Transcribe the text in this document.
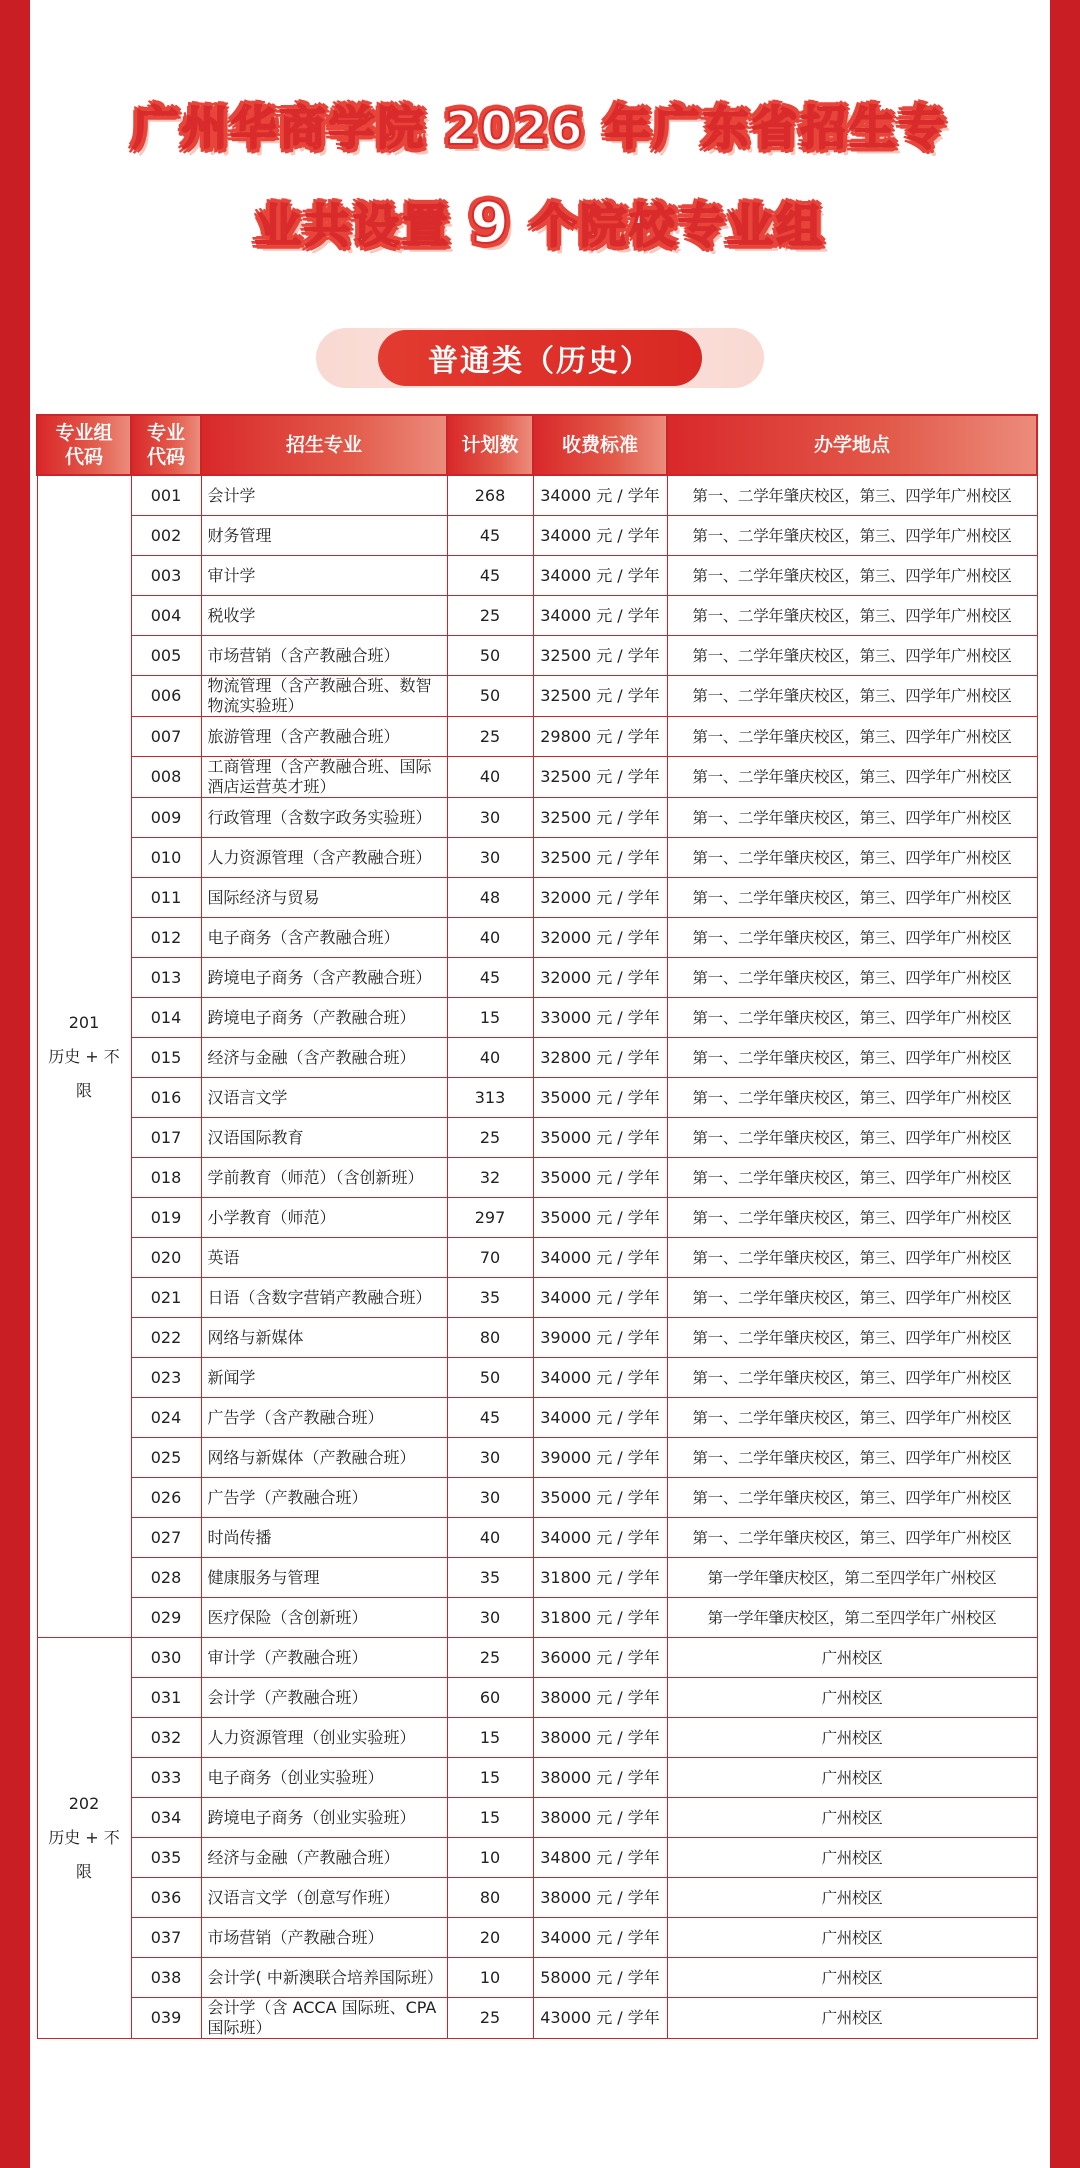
广州华商学院 2026 年广东省招生专
业共设置 9 个院校专业组
普通类（历史）
专业组代码	专业代码	招生专业	计划数	收费标准	办学地点

201
历史 + 不限	001	会计学	268	34000 元 / 学年	第一、二学年肇庆校区，第三、四学年广州校区
	002	财务管理	45	34000 元 / 学年	第一、二学年肇庆校区，第三、四学年广州校区
	003	审计学	45	34000 元 / 学年	第一、二学年肇庆校区，第三、四学年广州校区
	004	税收学	25	34000 元 / 学年	第一、二学年肇庆校区，第三、四学年广州校区
	005	市场营销（含产教融合班）	50	32500 元 / 学年	第一、二学年肇庆校区，第三、四学年广州校区
	006	物流管理（含产教融合班、数智物流实验班）	50	32500 元 / 学年	第一、二学年肇庆校区，第三、四学年广州校区
	007	旅游管理（含产教融合班）	25	29800 元 / 学年	第一、二学年肇庆校区，第三、四学年广州校区
	008	工商管理（含产教融合班、国际酒店运营英才班）	40	32500 元 / 学年	第一、二学年肇庆校区，第三、四学年广州校区
	009	行政管理（含数字政务实验班）	30	32500 元 / 学年	第一、二学年肇庆校区，第三、四学年广州校区
	010	人力资源管理（含产教融合班）	30	32500 元 / 学年	第一、二学年肇庆校区，第三、四学年广州校区
	011	国际经济与贸易	48	32000 元 / 学年	第一、二学年肇庆校区，第三、四学年广州校区
	012	电子商务（含产教融合班）	40	32000 元 / 学年	第一、二学年肇庆校区，第三、四学年广州校区
	013	跨境电子商务（含产教融合班）	45	32000 元 / 学年	第一、二学年肇庆校区，第三、四学年广州校区
	014	跨境电子商务（产教融合班）	15	33000 元 / 学年	第一、二学年肇庆校区，第三、四学年广州校区
	015	经济与金融（含产教融合班）	40	32800 元 / 学年	第一、二学年肇庆校区，第三、四学年广州校区
	016	汉语言文学	313	35000 元 / 学年	第一、二学年肇庆校区，第三、四学年广州校区
	017	汉语国际教育	25	35000 元 / 学年	第一、二学年肇庆校区，第三、四学年广州校区
	018	学前教育（师范）（含创新班）	32	35000 元 / 学年	第一、二学年肇庆校区，第三、四学年广州校区
	019	小学教育（师范）	297	35000 元 / 学年	第一、二学年肇庆校区，第三、四学年广州校区
	020	英语	70	34000 元 / 学年	第一、二学年肇庆校区，第三、四学年广州校区
	021	日语（含数字营销产教融合班）	35	34000 元 / 学年	第一、二学年肇庆校区，第三、四学年广州校区
	022	网络与新媒体	80	39000 元 / 学年	第一、二学年肇庆校区，第三、四学年广州校区
	023	新闻学	50	34000 元 / 学年	第一、二学年肇庆校区，第三、四学年广州校区
	024	广告学（含产教融合班）	45	34000 元 / 学年	第一、二学年肇庆校区，第三、四学年广州校区
	025	网络与新媒体（产教融合班）	30	39000 元 / 学年	第一、二学年肇庆校区，第三、四学年广州校区
	026	广告学（产教融合班）	30	35000 元 / 学年	第一、二学年肇庆校区，第三、四学年广州校区
	027	时尚传播	40	34000 元 / 学年	第一、二学年肇庆校区，第三、四学年广州校区
	028	健康服务与管理	35	31800 元 / 学年	第一学年肇庆校区，第二至四学年广州校区
	029	医疗保险（含创新班）	30	31800 元 / 学年	第一学年肇庆校区，第二至四学年广州校区

202
历史 + 不限	030	审计学（产教融合班）	25	36000 元 / 学年	广州校区
	031	会计学（产教融合班）	60	38000 元 / 学年	广州校区
	032	人力资源管理（创业实验班）	15	38000 元 / 学年	广州校区
	033	电子商务（创业实验班）	15	38000 元 / 学年	广州校区
	034	跨境电子商务（创业实验班）	15	38000 元 / 学年	广州校区
	035	经济与金融（产教融合班）	10	34800 元 / 学年	广州校区
	036	汉语言文学（创意写作班）	80	38000 元 / 学年	广州校区
	037	市场营销（产教融合班）	20	34000 元 / 学年	广州校区
	038	会计学( 中新澳联合培养国际班）	10	58000 元 / 学年	广州校区
	039	会计学（含 ACCA 国际班、CPA 国际班）	25	43000 元 / 学年	广州校区
